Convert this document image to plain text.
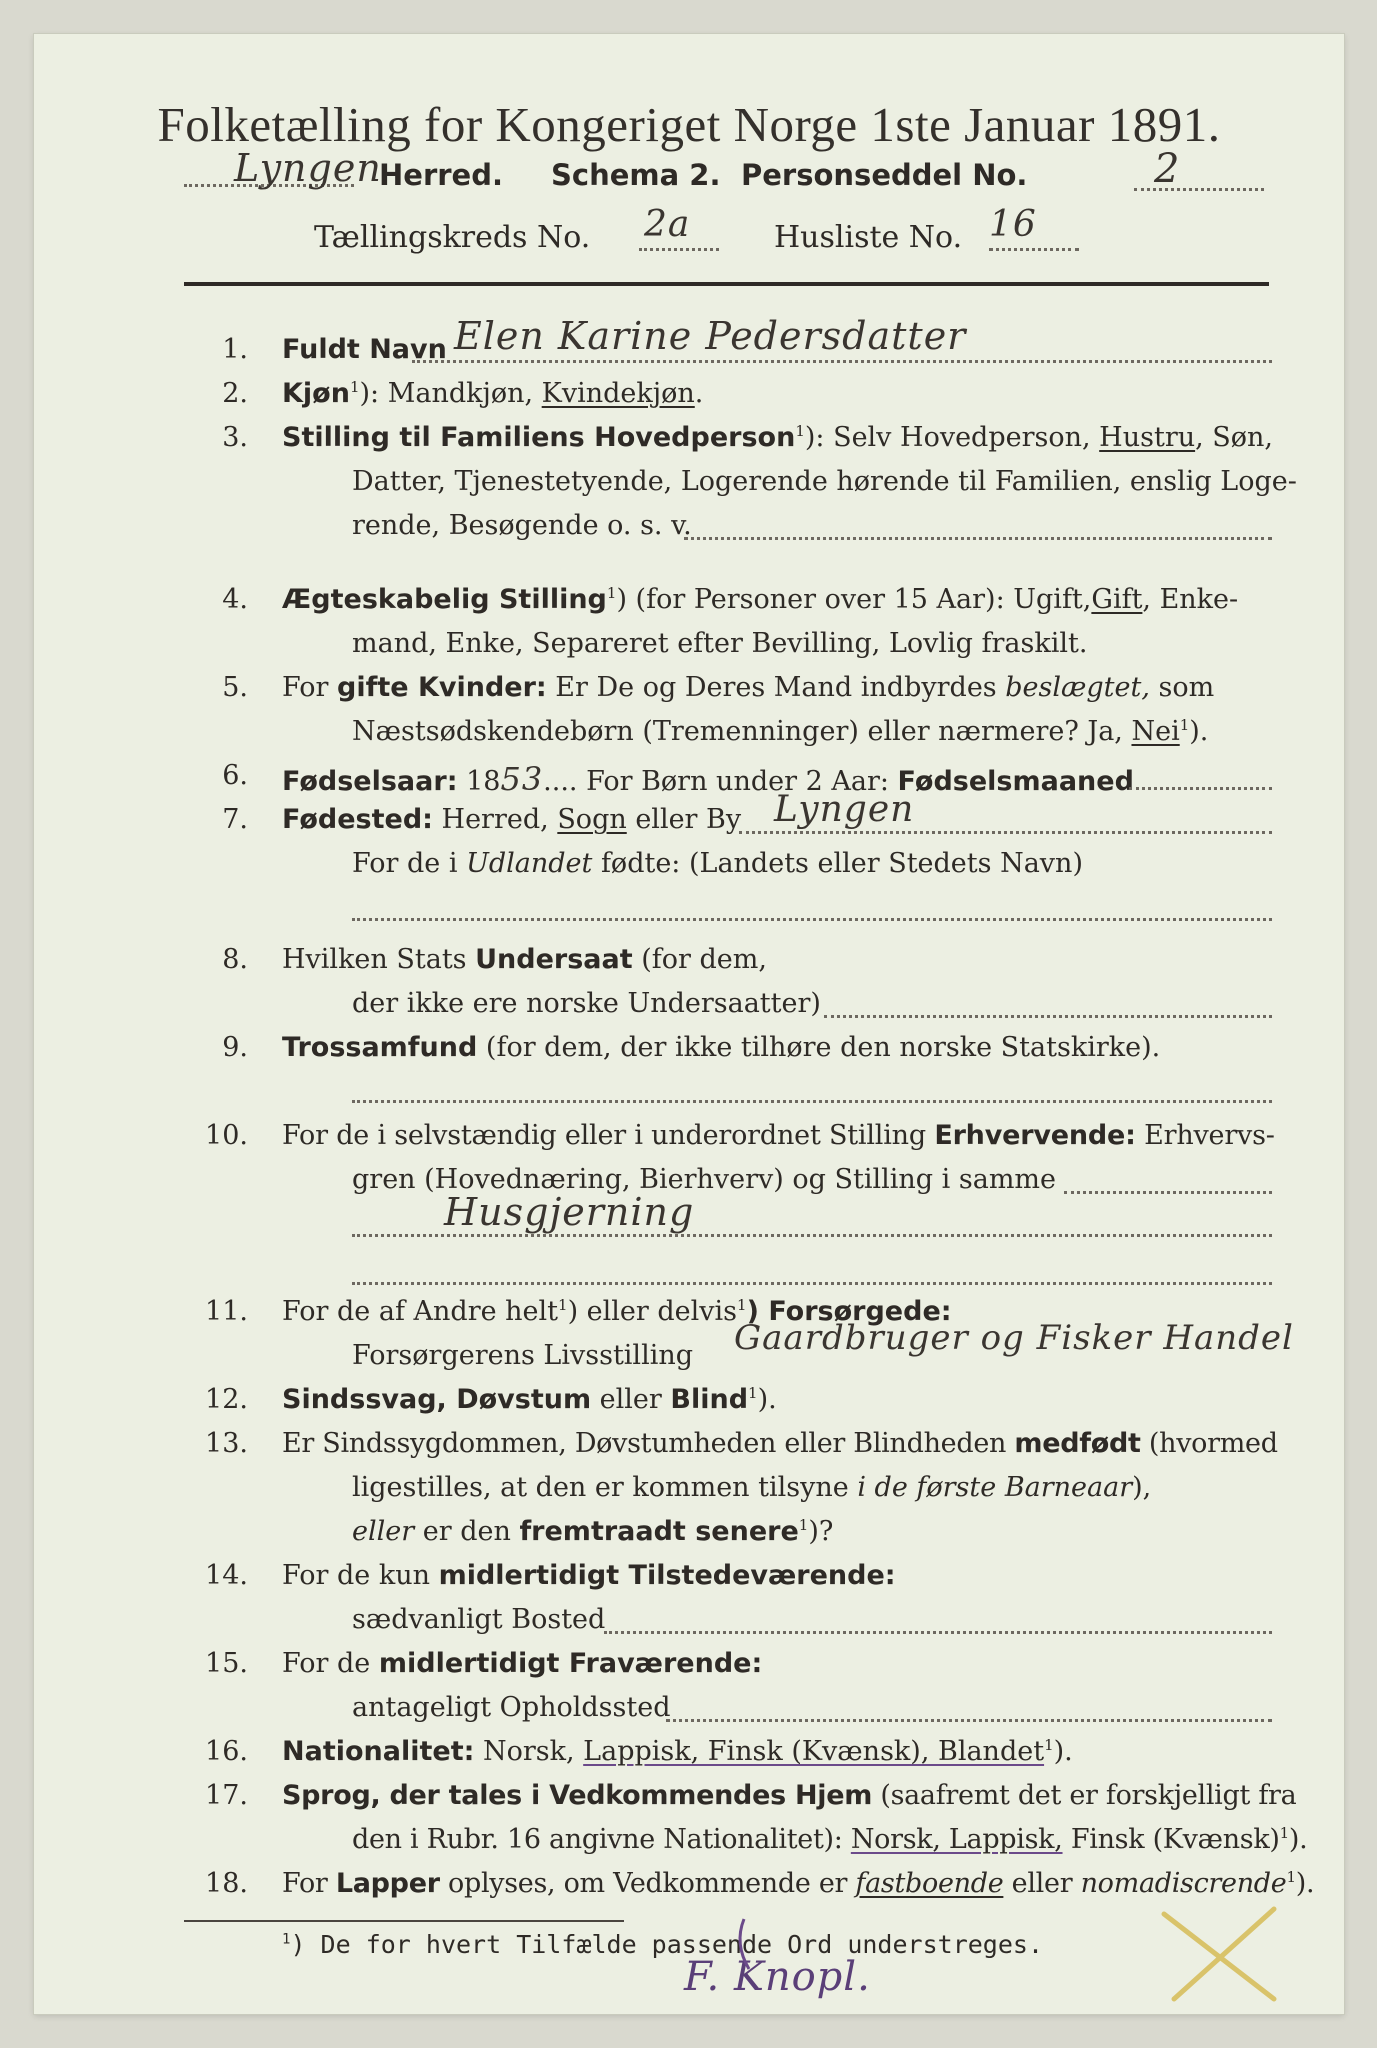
Folketælling for Kongeriget Norge 1ste Januar 1891.
Lyngen
Herred. Schema 2. Personseddel No.	2
Tællingskreds No. 2a	Husliste No. 16
1. Fuldt Navn Elen Karine Pedersdatter
2. Kjøn$^1$): Mandkjøn, Kvindekjøn.
3. Stilling til Familiens Hovedperson$^1$): Selv Hovedperson, Hustru, Søn,
Datter, Tjenestetyende, Logerende hørende til Familien, enslig Loge-
rende, Besøgende o. s. v.
4. Ægteskabelig Stilling$^1$) (for Personer over 15 Aar): Ugift,Gift, Enke-
mand, Enke, Separeret efter Bevilling, Lovlig fraskilt.
5. For gifte Kvinder: Er De og Deres Mand indbyrdes beslægtet, som
Næstsødskendebørn (Tremenninger) eller nærmere? Ja, Nei$^1$).
6. Fødselsaar: 1853.... For Børn under 2 Aar: Fødselsmaaned
7. Fødested: Herred, Sogn eller By Lyngen
For de i Udlandet fødte: (Landets eller Stedets Navn)
8. Hvilken Stats Undersaat (for dem,
der ikke ere norske Undersaatter)
9. Trossamfund (for dem, der ikke tilhøre den norske Statskirke).
10. For de i selvstændig eller i underordnet Stilling Erhvervende: Erhvervs-
gren (Hovednæring, Bierhverv) og Stilling i samme
Husgjerning
11. For de af Andre helt$^1$) eller delvis$^1$) Forsørgede:
Forsørgerens Livsstilling Gaardbruger og Fisker Handel
12. Sindssvag, Døvstum eller Blind$^1$).
13. Er Sindssygdommen, Døvstumheden eller Blindheden medfødt (hvormed
ligestilles, at den er kommen tilsyne i de første Barneaar),
eller er den fremtraadt senere$^1$)?
14. For de kun midlertidigt Tilstedeværende:
sædvanligt Bosted
15. For de midlertidigt Fraværende:
antageligt Opholdssted
16. Nationalitet: Norsk, Lappisk, Finsk (Kvænsk), Blandet$^1$).
17. Sprog, der tales i Vedkommendes Hjem (saafremt det er forskjelligt fra
den i Rubr. 16 angivne Nationalitet): Norsk, Lappisk, Finsk (Kvænsk)$^1$).
18. For Lapper oplyses, om Vedkommende er fastboende eller nomadiscrende$^1$).
$^1$) De for hvert Tilfælde passende Ord understreges.
F. Knopl.
